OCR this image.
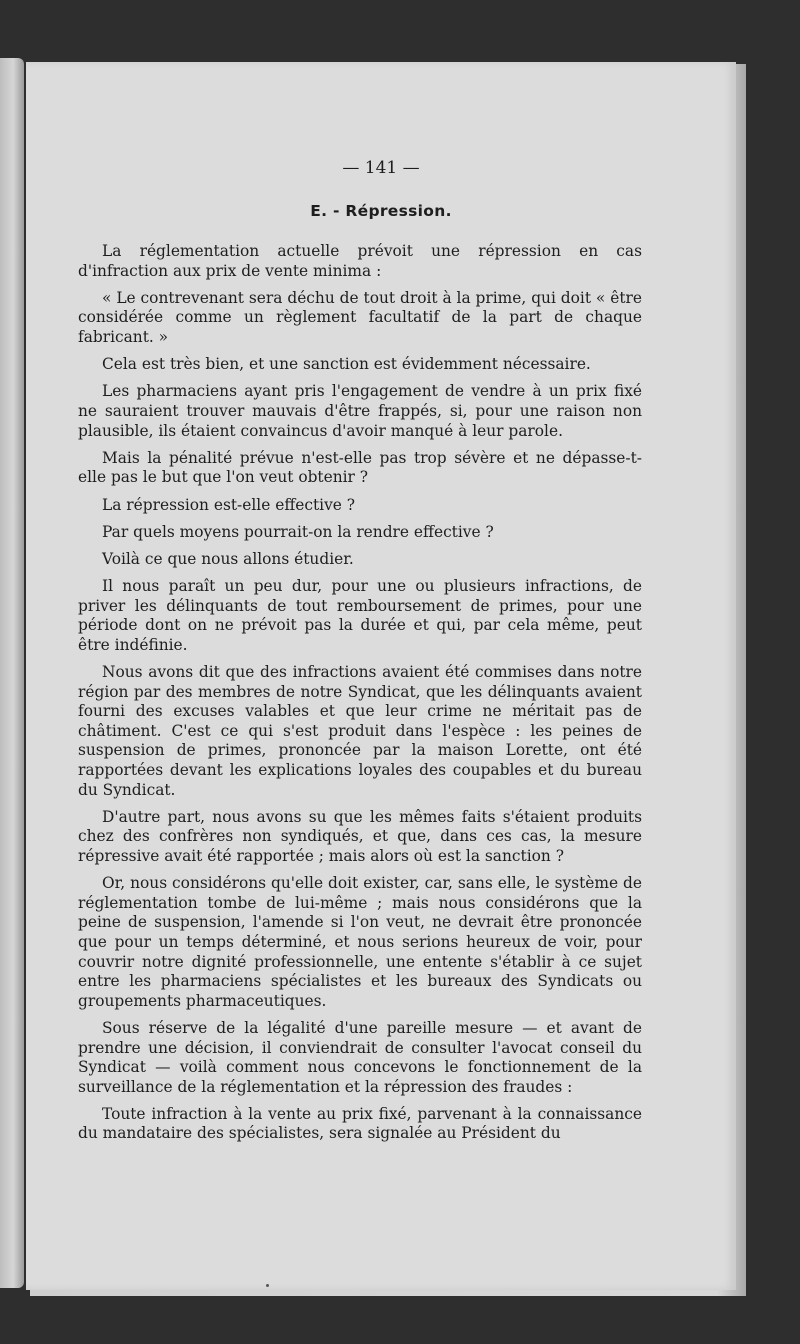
— 141 —
E. - Répression.

La réglementation actuelle prévoit une répression en cas d'infraction aux prix de vente minima :

« Le contrevenant sera déchu de tout droit à la prime, qui doit « être considérée comme un règlement facultatif de la part de chaque fabricant. »

Cela est très bien, et une sanction est évidemment nécessaire.

Les pharmaciens ayant pris l'engagement de vendre à un prix fixé ne sauraient trouver mauvais d'être frappés, si, pour une raison non plausible, ils étaient convaincus d'avoir manqué à leur parole.

Mais la pénalité prévue n'est-elle pas trop sévère et ne dépasse-t-elle pas le but que l'on veut obtenir ?

La répression est-elle effective ?

Par quels moyens pourrait-on la rendre effective ?

Voilà ce que nous allons étudier.

Il nous paraît un peu dur, pour une ou plusieurs infractions, de priver les délinquants de tout remboursement de primes, pour une période dont on ne prévoit pas la durée et qui, par cela même, peut être indéfinie.

Nous avons dit que des infractions avaient été commises dans notre région par des membres de notre Syndicat, que les délinquants avaient fourni des excuses valables et que leur crime ne méritait pas de châtiment. C'est ce qui s'est produit dans l'espèce : les peines de suspension de primes, prononcée par la maison Lorette, ont été rapportées devant les explications loyales des coupables et du bureau du Syndicat.

D'autre part, nous avons su que les mêmes faits s'étaient produits chez des confrères non syndiqués, et que, dans ces cas, la mesure répressive avait été rapportée ; mais alors où est la sanction ?

Or, nous considérons qu'elle doit exister, car, sans elle, le système de réglementation tombe de lui-même ; mais nous considérons que la peine de suspension, l'amende si l'on veut, ne devrait être prononcée que pour un temps déterminé, et nous serions heureux de voir, pour couvrir notre dignité professionnelle, une entente s'établir à ce sujet entre les pharmaciens spécialistes et les bureaux des Syndicats ou groupements pharmaceutiques.

Sous réserve de la légalité d'une pareille mesure — et avant de prendre une décision, il conviendrait de consulter l'avocat conseil du Syndicat — voilà comment nous concevons le fonctionnement de la surveillance de la réglementation et la répression des fraudes :

Toute infraction à la vente au prix fixé, parvenant à la connaissance du mandataire des spécialistes, sera signalée au Président du
